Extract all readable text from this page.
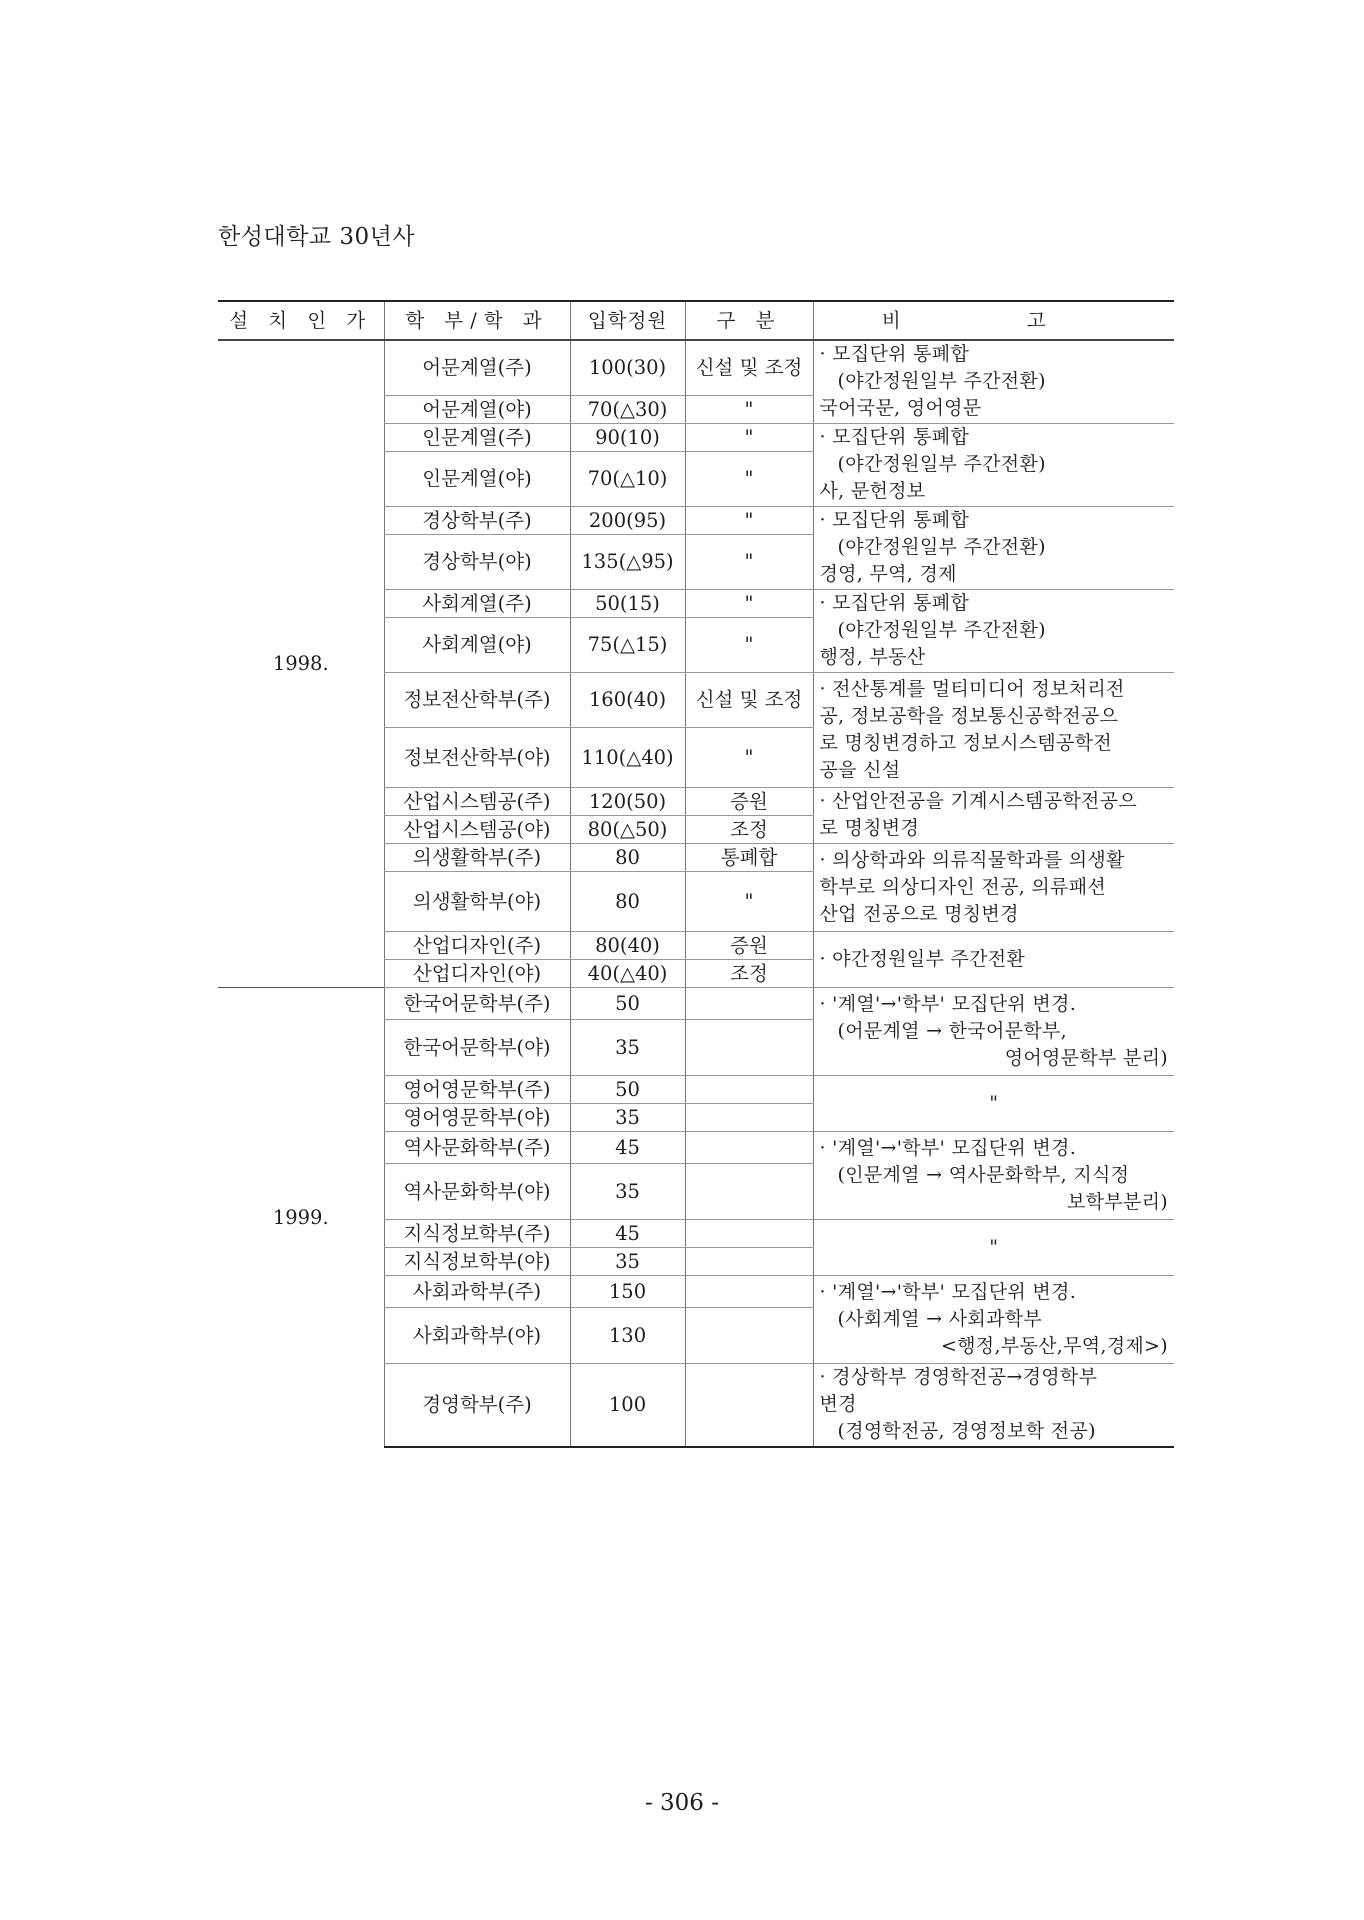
한성대학교 30년사
설 치 인 가	학 부/학 과	입학정원	구 분	비 고
1998.	어문계열(주)	100(30)	신설 및 조정	· 모집단위 통폐합
(야간정원일부 주간전환)
국어국문, 영어영문

	어문계열(야)	70(△30)	"	
	인문계열(주)	90(10)	"	· 모집단위 통폐합
(야간정원일부 주간전환)
사, 문헌정보

	인문계열(야)	70(△10)	"	
	경상학부(주)	200(95)	"	· 모집단위 통폐합
(야간정원일부 주간전환)
경영, 무역, 경제

	경상학부(야)	135(△95)	"	
	사회계열(주)	50(15)	"	· 모집단위 통폐합
(야간정원일부 주간전환)
행정, 부동산

	사회계열(야)	75(△15)	"	
	정보전산학부(주)	160(40)	신설 및 조정	· 전산통계를 멀티미디어 정보처리전
공, 정보공학을 정보통신공학전공으
로 명칭변경하고 정보시스템공학전
공을 신설

	정보전산학부(야)	110(△40)	"	
	산업시스템공(주)	120(50)	증원	· 산업안전공을 기계시스템공학전공으
로 명칭변경

	산업시스템공(야)	80(△50)	조정	
	의생활학부(주)	80	통폐합	· 의상학과와 의류직물학과를 의생활
학부로 의상디자인 전공, 의류패션
산업 전공으로 명칭변경

	의생활학부(야)	80	"	
	산업디자인(주)	80(40)	증원	· 야간정원일부 주간전환

	산업디자인(야)	40(△40)	조정	
1999.	한국어문학부(주)	50		· '계열'→'학부' 모집단위 변경.
(어문계열 → 한국어문학부,
영어영문학부 분리)

	한국어문학부(야)	35		
	영어영문학부(주)	50		"

	영어영문학부(야)	35		
	역사문화학부(주)	45		· '계열'→'학부' 모집단위 변경.
(인문계열 → 역사문화학부, 지식정
보학부분리)

	역사문화학부(야)	35		
	지식정보학부(주)	45		"

	지식정보학부(야)	35		
	사회과학부(주)	150		· '계열'→'학부' 모집단위 변경.
(사회계열 → 사회과학부
<행정,부동산,무역,경제>)

	사회과학부(야)	130		
	경영학부(주)	100		· 경상학부 경영학전공→경영학부
변경
(경영학전공, 경영정보학 전공)
- 306 -
